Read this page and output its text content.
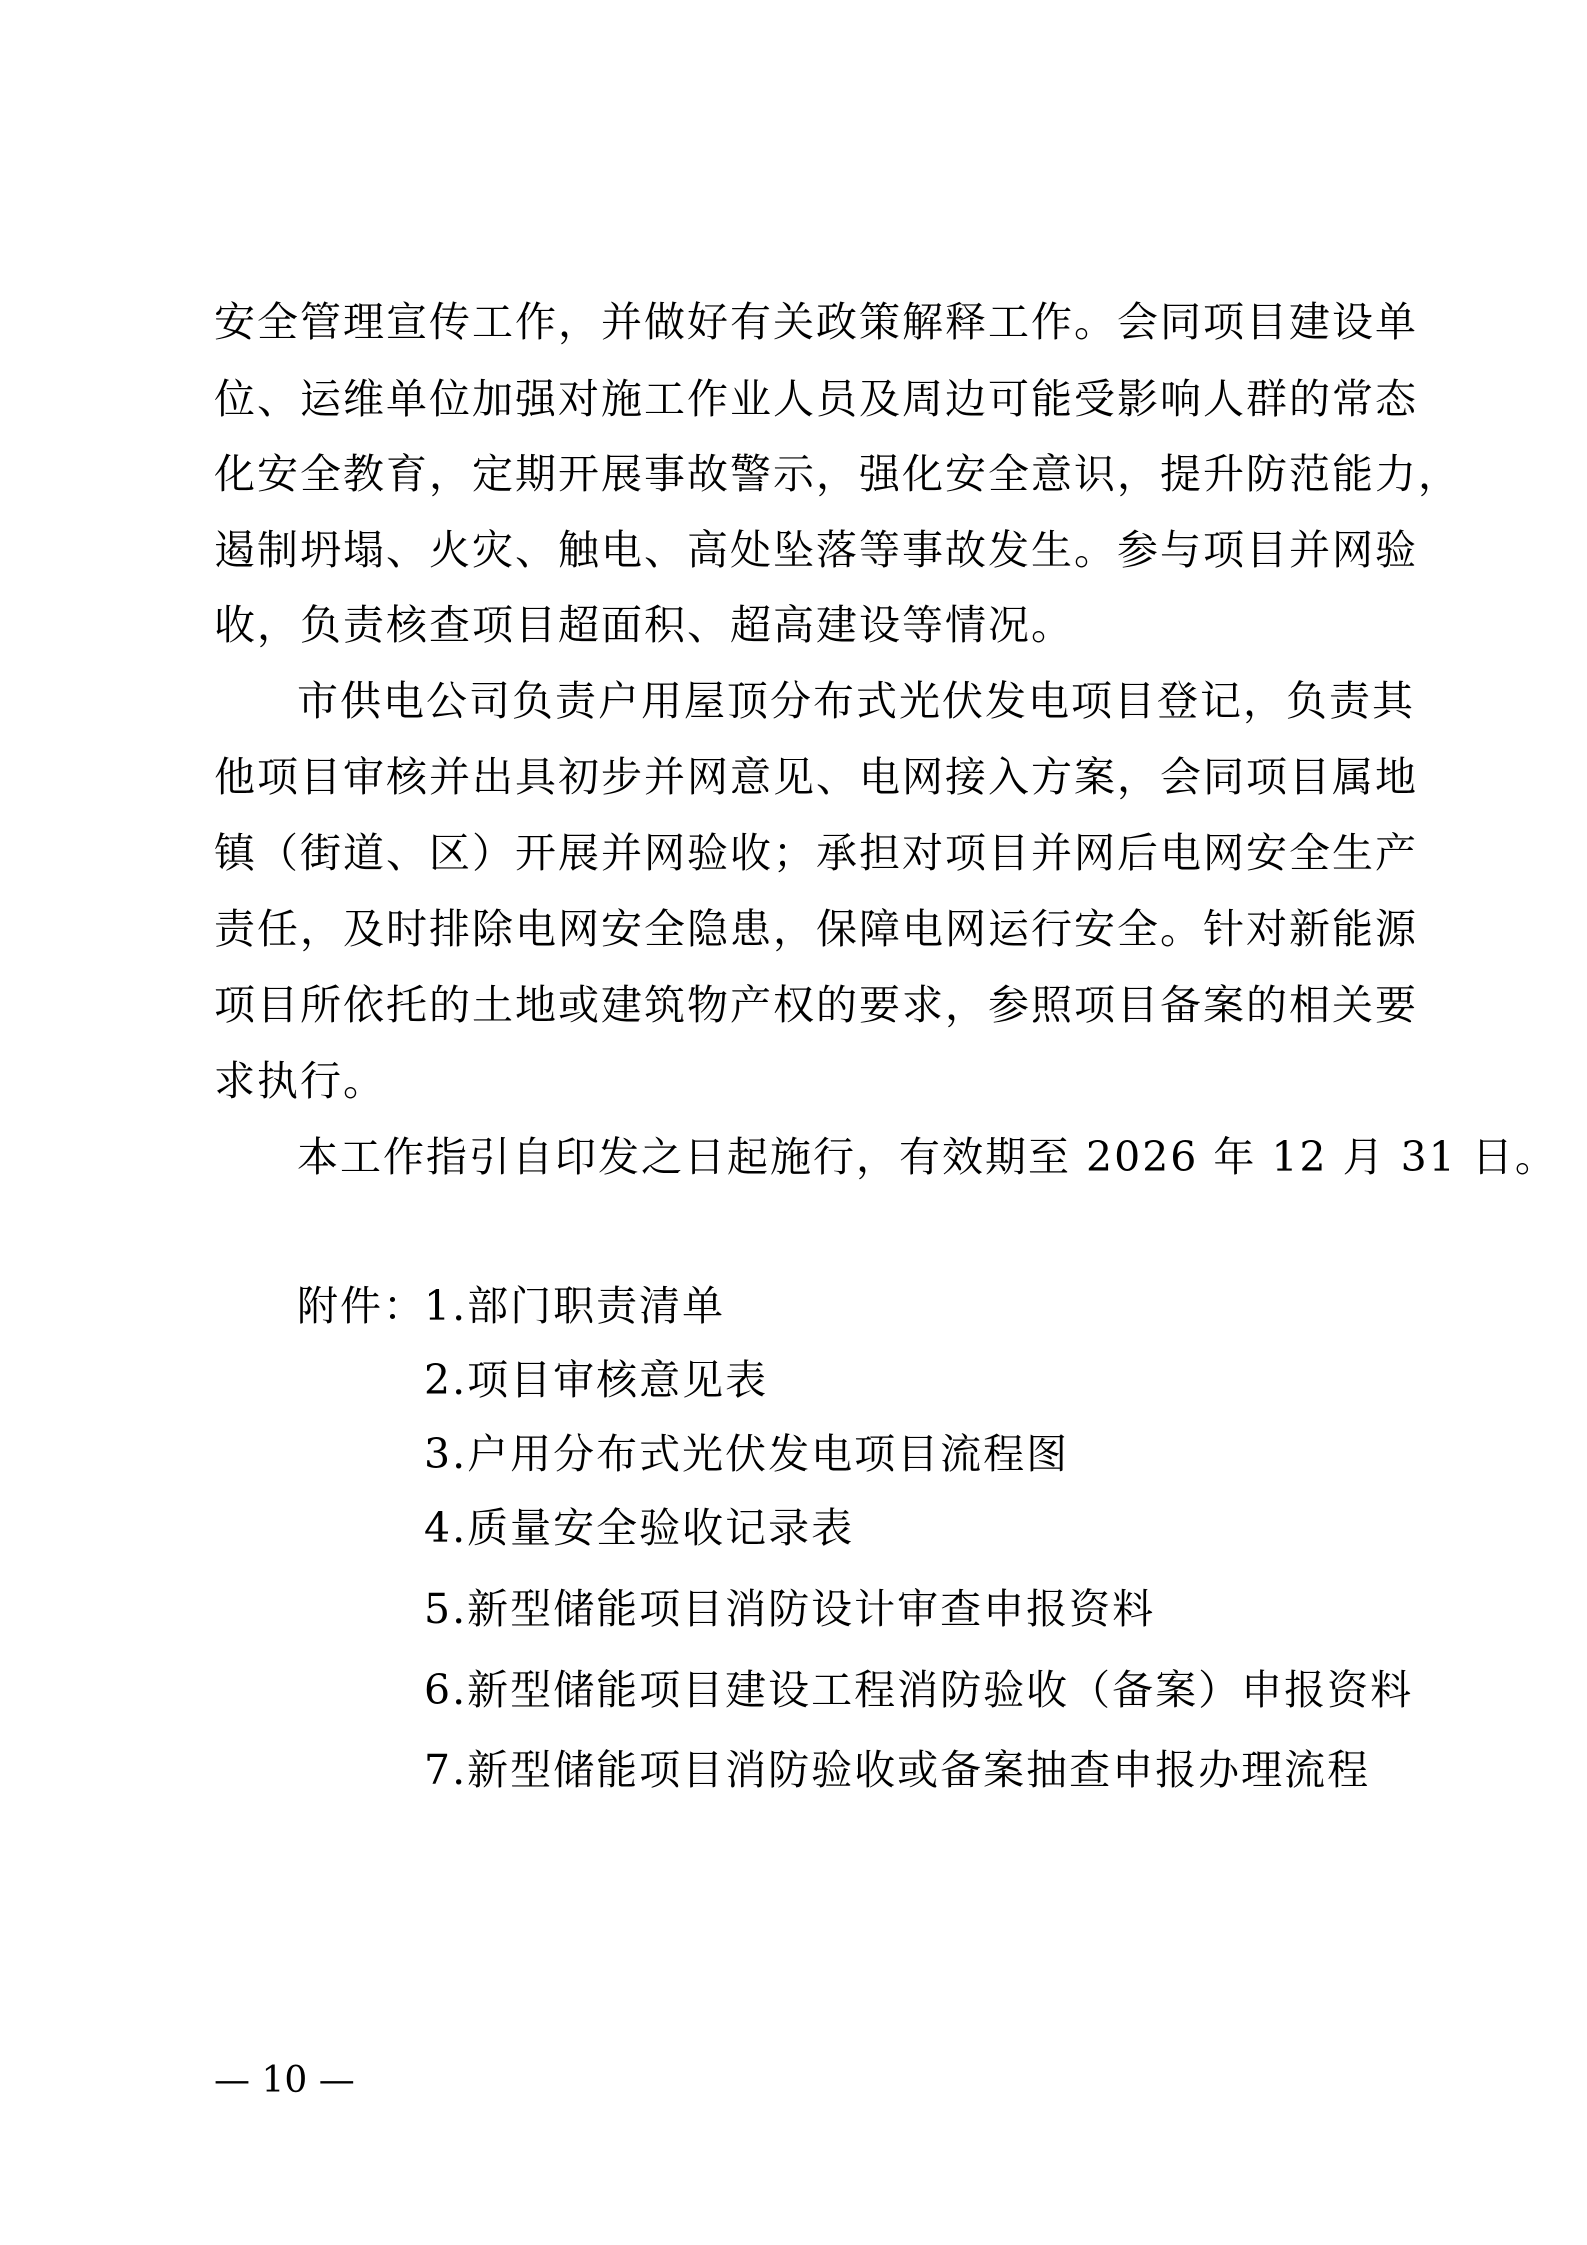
安全管理宣传工作，并做好有关政策解释工作。会同项目建设单
位、运维单位加强对施工作业人员及周边可能受影响人群的常态
化安全教育，定期开展事故警示，强化安全意识，提升防范能力，
遏制坍塌、火灾、触电、高处坠落等事故发生。参与项目并网验
收，负责核查项目超面积、超高建设等情况。
市供电公司负责户用屋顶分布式光伏发电项目登记，负责其
他项目审核并出具初步并网意见、电网接入方案，会同项目属地
镇（街道、区）开展并网验收；承担对项目并网后电网安全生产
责任，及时排除电网安全隐患，保障电网运行安全。针对新能源
项目所依托的土地或建筑物产权的要求，参照项目备案的相关要
求执行。
本工作指引自印发之日起施行，有效期至 2026 年 12 月 31 日。
附件：
1.部门职责清单
2.项目审核意见表
3.户用分布式光伏发电项目流程图
4.质量安全验收记录表
5.新型储能项目消防设计审查申报资料
6.新型储能项目建设工程消防验收（备案）申报资料
7.新型储能项目消防验收或备案抽查申报办理流程
— 10 —
